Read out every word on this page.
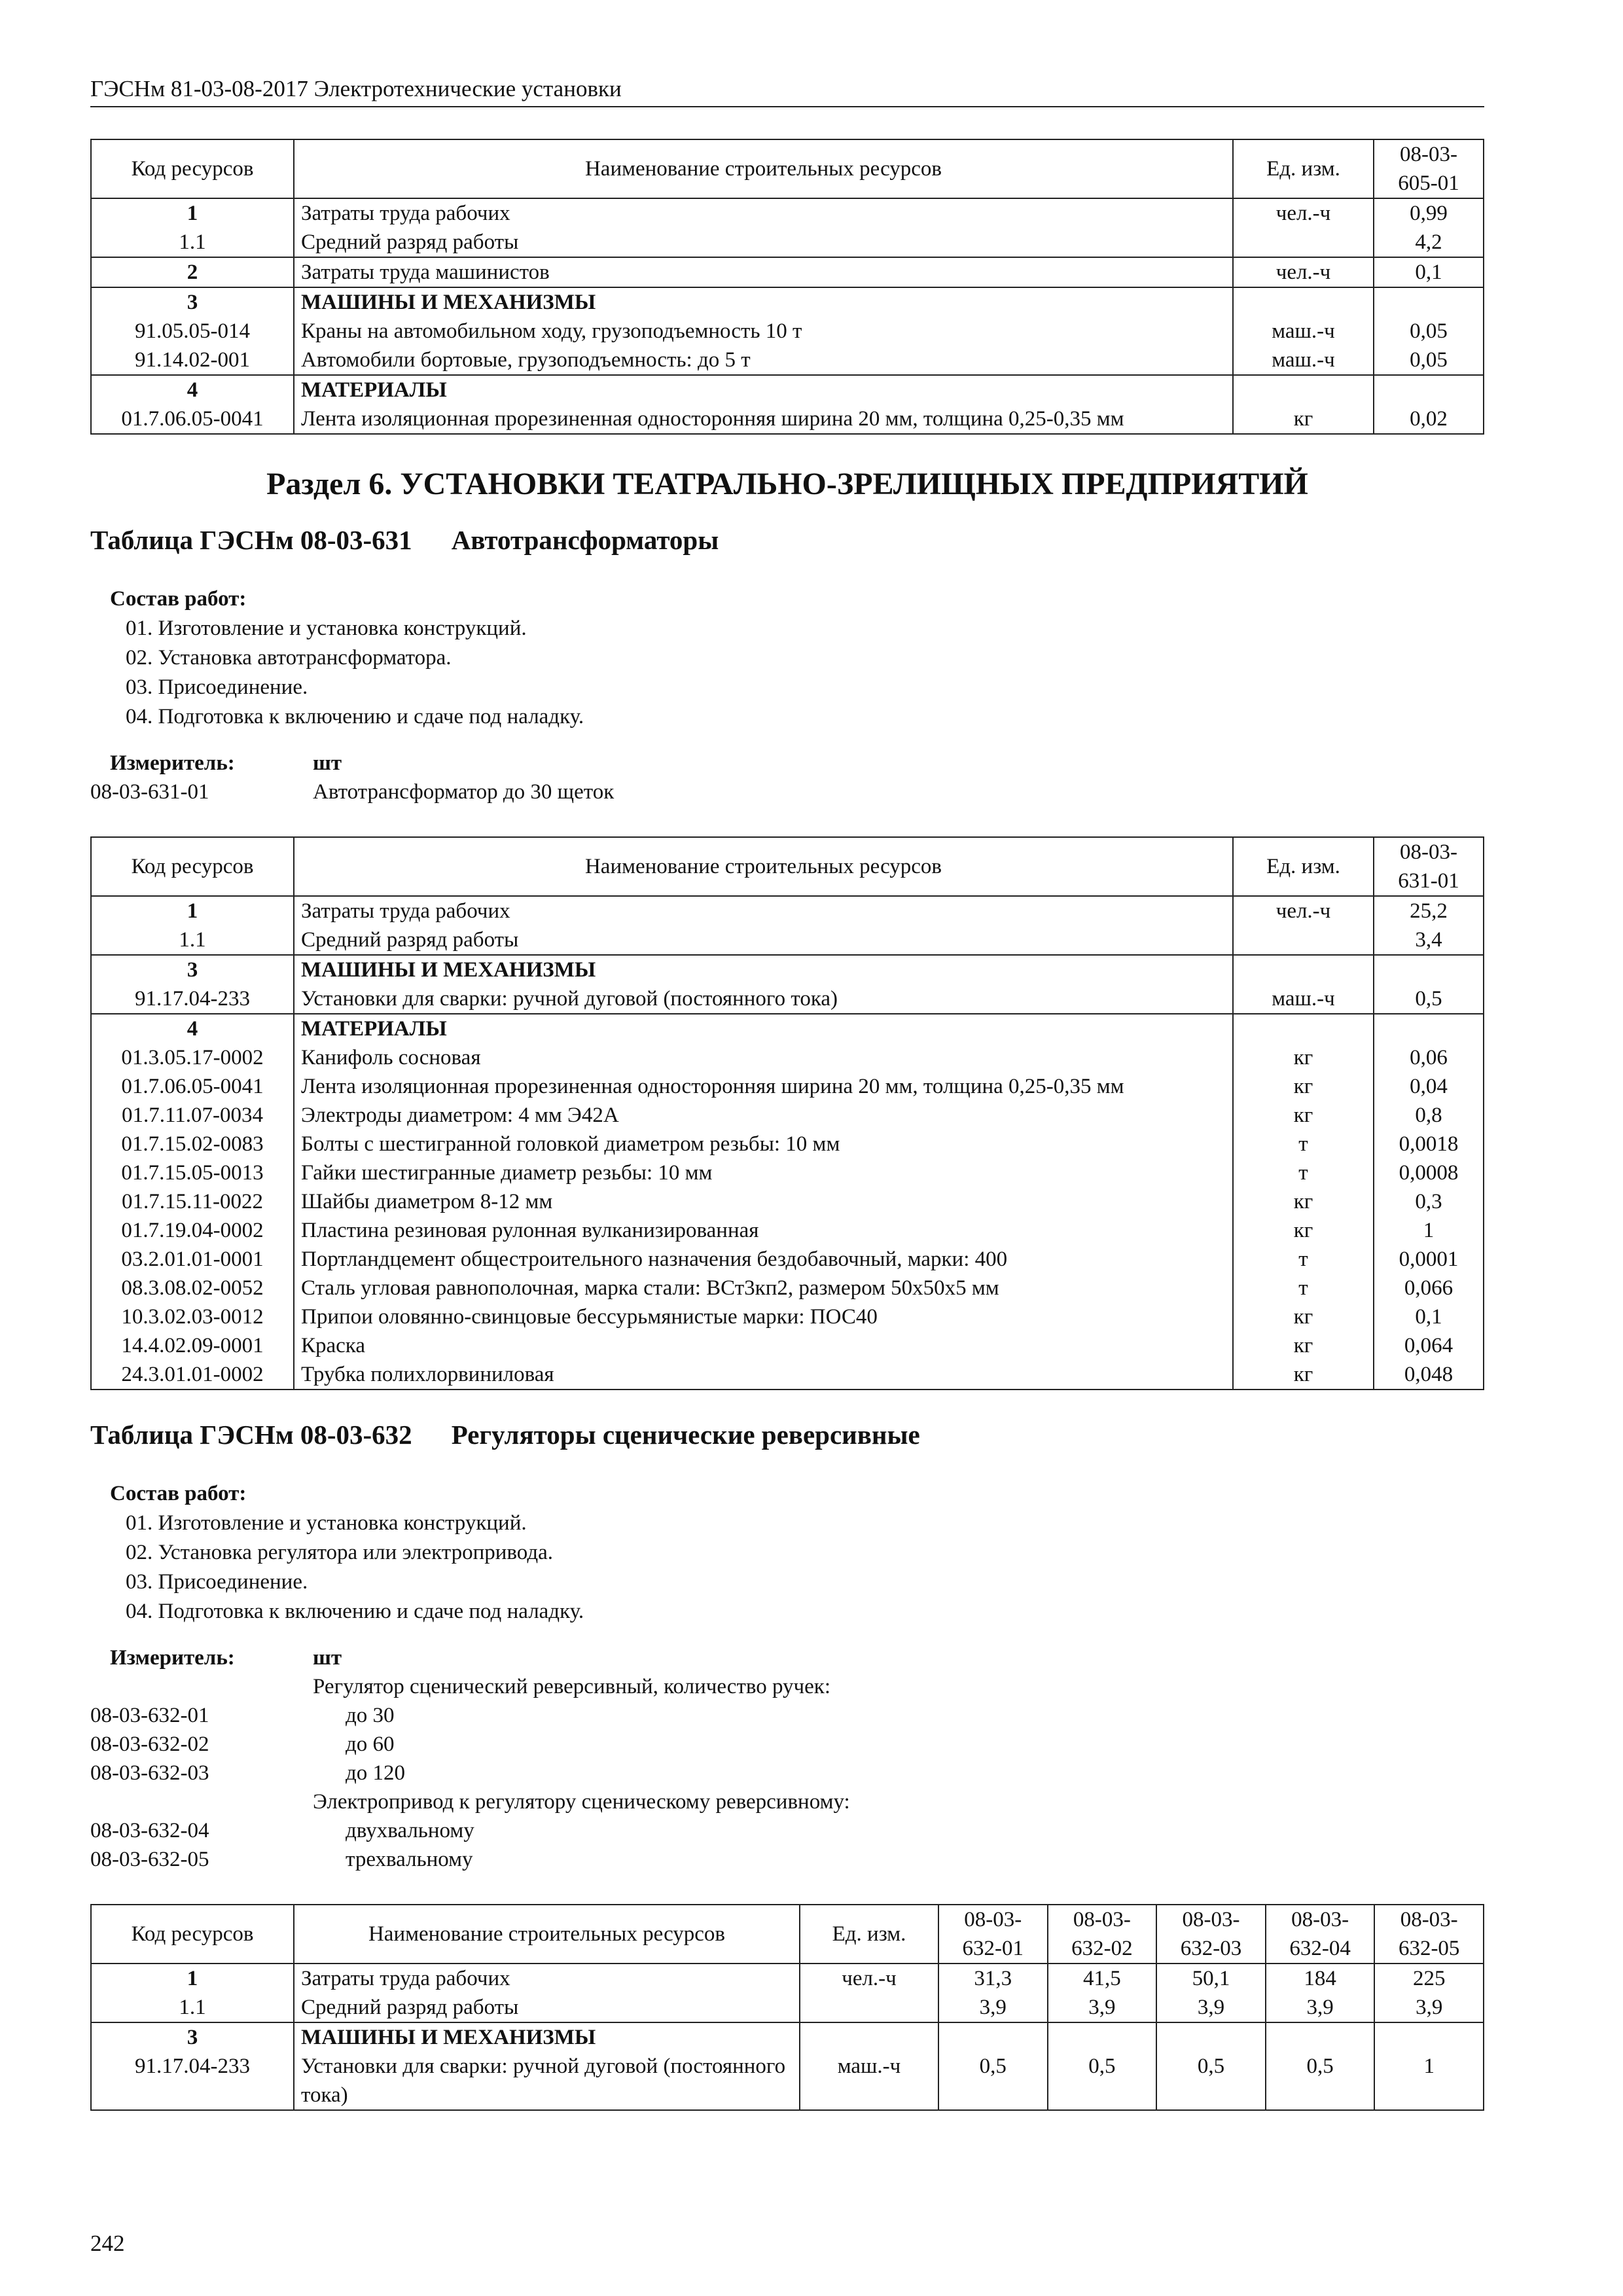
ГЭСНм 81-03-08-2017 Электротехнические установки
Код ресурсов	Наименование строительных ресурсов	Ед. изм.	08-03-605-01
1	Затраты труда рабочих	чел.-ч	0,99
1.1	Средний разряд работы		4,2
2	Затраты труда машинистов	чел.-ч	0,1
3	МАШИНЫ И МЕХАНИЗМЫ		
91.05.05-014	Краны на автомобильном ходу, грузоподъемность 10 т	маш.-ч	0,05
91.14.02-001	Автомобили бортовые, грузоподъемность: до 5 т	маш.-ч	0,05
4	МАТЕРИАЛЫ		
01.7.06.05-0041	Лента изоляционная прорезиненная односторонняя ширина 20 мм, толщина 0,25-0,35 мм	кг	0,02
Раздел 6. УСТАНОВКИ ТЕАТРАЛЬНО-ЗРЕЛИЩНЫХ ПРЕДПРИЯТИЙ
Таблица ГЭСНм 08-03-631 Автотрансформаторы
Состав работ:
01. Изготовление и установка конструкций.
02. Установка автотрансформатора.
03. Присоединение.
04. Подготовка к включению и сдаче под наладку.
Измеритель:	шт
08-03-631-01	Автотрансформатор до 30 щеток
Код ресурсов	Наименование строительных ресурсов	Ед. изм.	08-03-631-01
1	Затраты труда рабочих	чел.-ч	25,2
1.1	Средний разряд работы		3,4
3	МАШИНЫ И МЕХАНИЗМЫ		
91.17.04-233	Установки для сварки: ручной дуговой (постоянного тока)	маш.-ч	0,5
4	МАТЕРИАЛЫ		
01.3.05.17-0002	Канифоль сосновая	кг	0,06
01.7.06.05-0041	Лента изоляционная прорезиненная односторонняя ширина 20 мм, толщина 0,25-0,35 мм	кг	0,04
01.7.11.07-0034	Электроды диаметром: 4 мм Э42А	кг	0,8
01.7.15.02-0083	Болты с шестигранной головкой диаметром резьбы: 10 мм	т	0,0018
01.7.15.05-0013	Гайки шестигранные диаметр резьбы: 10 мм	т	0,0008
01.7.15.11-0022	Шайбы диаметром 8-12 мм	кг	0,3
01.7.19.04-0002	Пластина резиновая рулонная вулканизированная	кг	1
03.2.01.01-0001	Портландцемент общестроительного назначения бездобавочный, марки: 400	т	0,0001
08.3.08.02-0052	Сталь угловая равнополочная, марка стали: ВСт3кп2, размером 50х50х5 мм	т	0,066
10.3.02.03-0012	Припои оловянно-свинцовые бессурьмянистые марки: ПОС40	кг	0,1
14.4.02.09-0001	Краска	кг	0,064
24.3.01.01-0002	Трубка полихлорвиниловая	кг	0,048
Таблица ГЭСНм 08-03-632 Регуляторы сценические реверсивные
Состав работ:
01. Изготовление и установка конструкций.
02. Установка регулятора или электропривода.
03. Присоединение.
04. Подготовка к включению и сдаче под наладку.
Измеритель:	шт
	Регулятор сценический реверсивный, количество ручек:
08-03-632-01	до 30
08-03-632-02	до 60
08-03-632-03	до 120
	Электропривод к регулятору сценическому реверсивному:
08-03-632-04	двухвальному
08-03-632-05	трехвальному
Код ресурсов	Наименование строительных ресурсов	Ед. изм.	08-03-632-01	08-03-632-02	08-03-632-03	08-03-632-04	08-03-632-05
1	Затраты труда рабочих	чел.-ч	31,3	41,5	50,1	184	225
1.1	Средний разряд работы		3,9	3,9	3,9	3,9	3,9
3	МАШИНЫ И МЕХАНИЗМЫ						
91.17.04-233	Установки для сварки: ручной дуговой (постоянного тока)	маш.-ч	0,5	0,5	0,5	0,5	1
242
